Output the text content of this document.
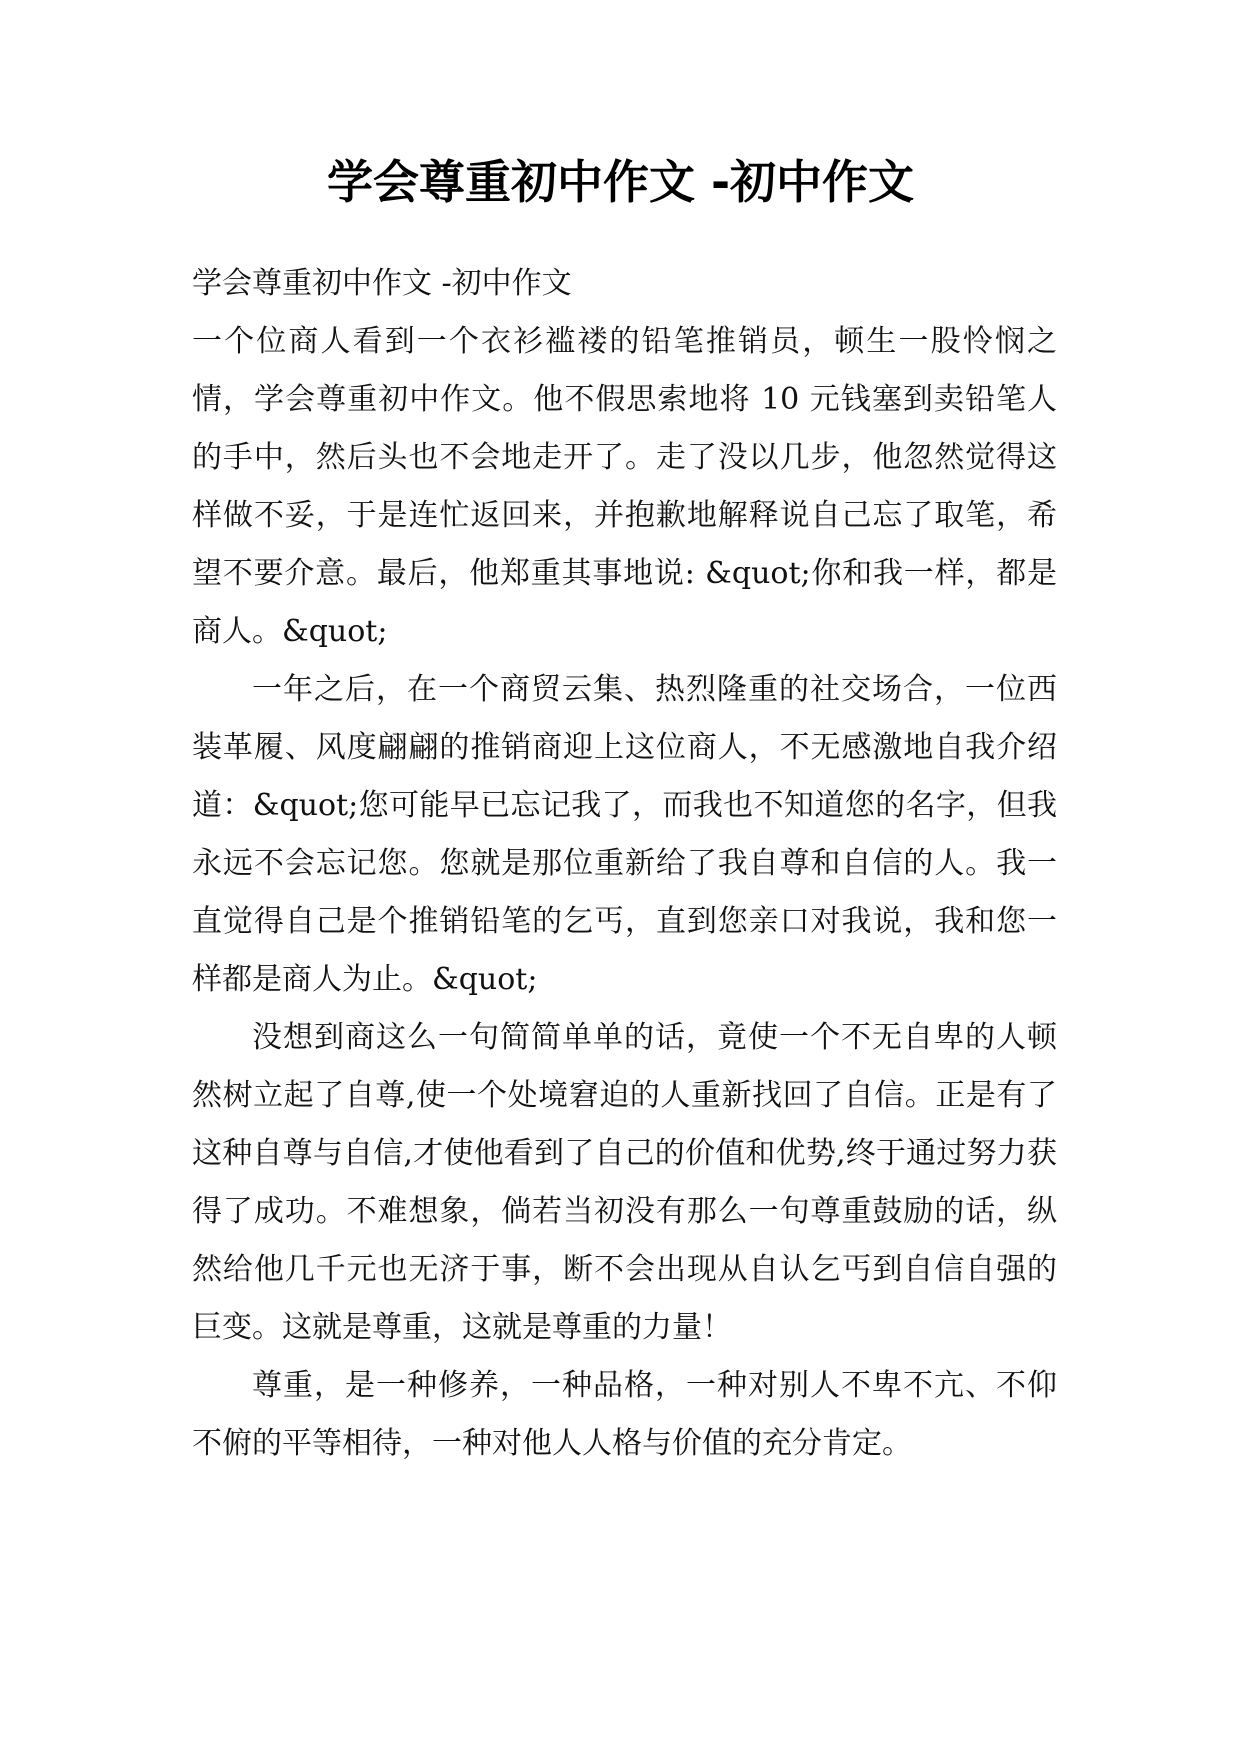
学会尊重初中作文 -初中作文

学会尊重初中作文 -初中作文

一个位商人看到一个衣衫褴褛的铅笔推销员，顿生一股怜悯之情，学会尊重初中作文。他不假思索地将 10 元钱塞到卖铅笔人的手中，然后头也不会地走开了。走了没以几步，他忽然觉得这样做不妥，于是连忙返回来，并抱歉地解释说自己忘了取笔，希望不要介意。最后，他郑重其事地说: &quot;你和我一样，都是商人。&quot;

一年之后，在一个商贸云集、热烈隆重的社交场合，一位西装革履、风度翩翩的推销商迎上这位商人，不无感激地自我介绍道：&quot;您可能早已忘记我了，而我也不知道您的名字，但我永远不会忘记您。您就是那位重新给了我自尊和自信的人。我一直觉得自己是个推销铅笔的乞丐，直到您亲口对我说，我和您一样都是商人为止。&quot;

没想到商这么一句简简单单的话，竟使一个不无自卑的人顿然树立起了自尊,使一个处境窘迫的人重新找回了自信。正是有了这种自尊与自信,才使他看到了自己的价值和优势,终于通过努力获得了成功。不难想象，倘若当初没有那么一句尊重鼓励的话，纵然给他几千元也无济于事，断不会出现从自认乞丐到自信自强的巨变。这就是尊重，这就是尊重的力量！

尊重，是一种修养，一种品格，一种对别人不卑不亢、不仰不俯的平等相待，一种对他人人格与价值的充分肯定。
